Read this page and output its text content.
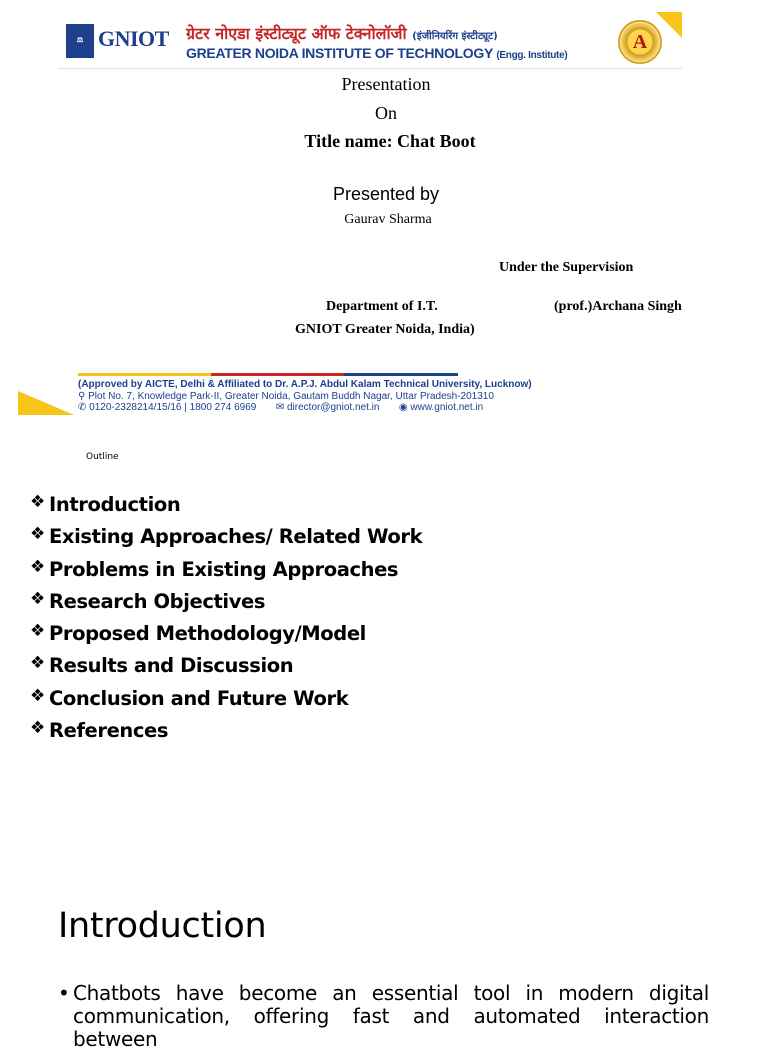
⚖ GNIOT ग्रेटर नोएडा इंस्टीट्यूट ऑफ टेक्नोलॉजी (इंजीनियरिंग इंस्टीट्यूट)
GREATER NOIDA INSTITUTE OF TECHNOLOGY (Engg. Institute)
A
Presentation
On
Title name: Chat Boot
Presented by
Gaurav Sharma
Under the Supervision
Department of I.T.	(prof.)Archana Singh
GNIOT Greater Noida, India)
(Approved by AICTE, Delhi & Affiliated to Dr. A.P.J. Abdul Kalam Technical University, Lucknow)
⚲ Plot No. 7, Knowledge Park-II, Greater Noida, Gautam Buddh Nagar, Uttar Pradesh-201310
✆ 0120-2328214/15/16 | 1800 274 6969 ✉ director@gniot.net.in ◉ www.gniot.net.in
Outline
❖ Introduction
❖ Existing Approaches/ Related Work
❖ Problems in Existing Approaches
❖ Research Objectives
❖ Proposed Methodology/Model
❖ Results and Discussion
❖ Conclusion and Future Work
❖ References
Introduction
• Chatbots have become an essential tool in modern digital communication, offering fast and automated interaction between
